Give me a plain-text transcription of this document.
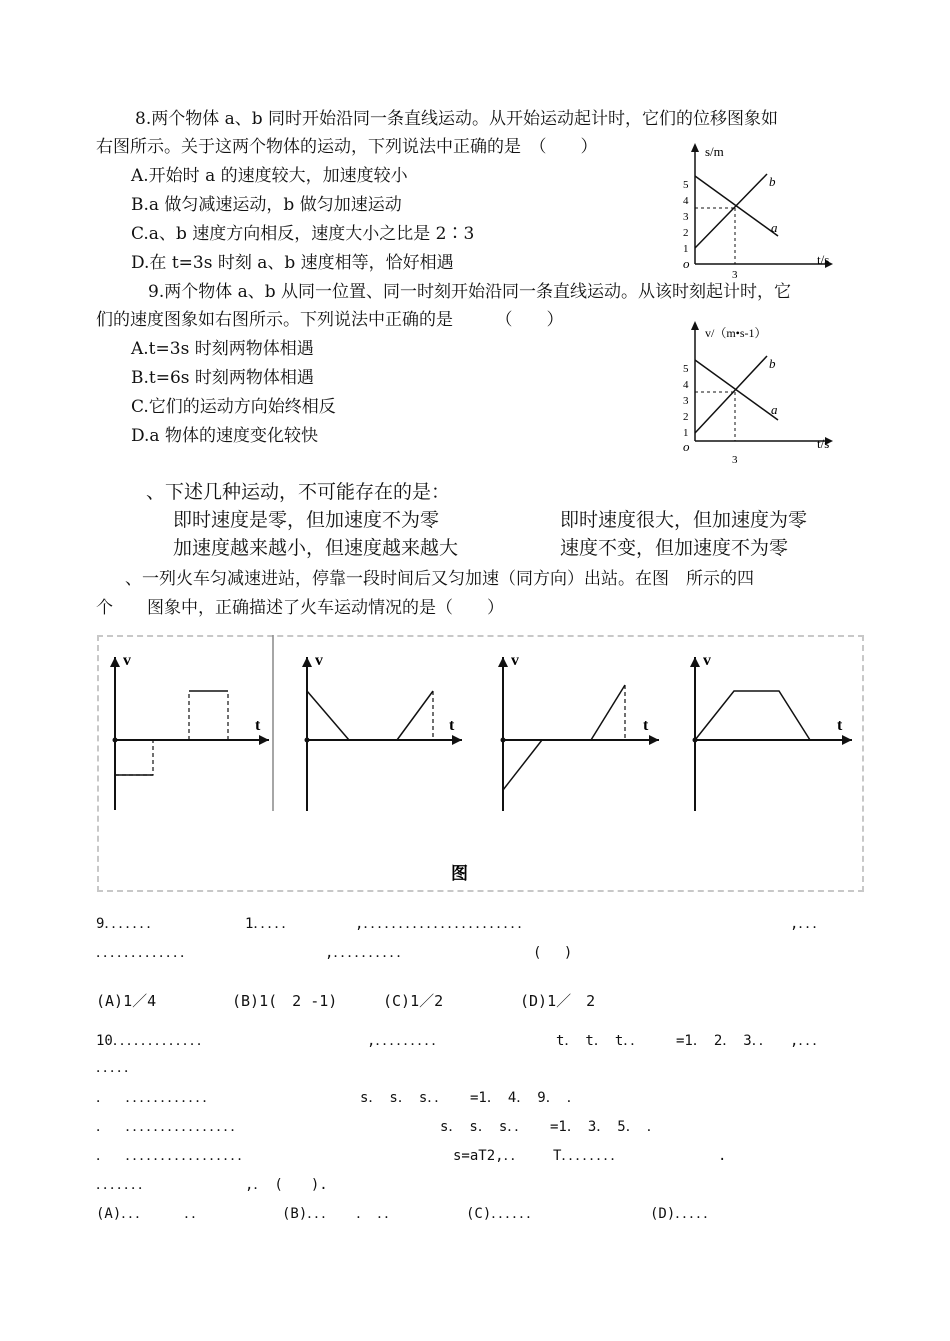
8.两个物体 a、b 同时开始沿同一条直线运动。从开始运动起计时，它们的位移图象如
右图所示。关于这两个物体的运动，下列说法中正确的是　（　　）
A.开始时 a 的速度较大，加速度较小
B.a 做匀减速运动，b 做匀加速运动
C.a、b 速度方向相反，速度大小之比是 2∶3
D.在 t=3s 时刻 a、b 速度相等，恰好相遇
s/m
t/s
o
1
2
3
4
5
3
a
b
9.两个物体 a、b 从同一位置、同一时刻开始沿同一条直线运动。从该时刻起计时，它
们的速度图象如右图所示。下列说法中正确的是　　　（　　）
A.t=3s 时刻两物体相遇
B.t=6s 时刻两物体相遇
C.它们的运动方向始终相反
D.a 物体的速度变化较快
v/（m•s-1）
t/s
o
1
2
3
4
5
3
a
b
、下述几种运动，不可能存在的是：
即时速度是零，但加速度不为零	即时速度很大，但加速度为零
加速度越来越小，但速度越来越大	速度不变，但加速度不为零
、一列火车匀减速进站，停靠一段时间后又匀加速（同方向）出站。在图　所示的四
个　　图象中，正确描述了火车运动情况的是（　　）
v
t
v
t
v
t
v
t
图
9．．．．．．．	1．．．．．	,．．．．．．．．．．．．．．．．．．．．．．．	,．．．
．．．．．．．．．．．．．	,．．．．．．．．．．	(　 )
(A)1／4	(B)1(　2 -1)	(C)1／2	(D)1／　2
10．．．．．．．．．．．．．	,．．．．．．．．．	t．　t．　t．． =1．　2．　3．． ,．．．
．．．．．
．　 ．．．．．．．．．．．．	s．　s．　s．． =1．　4．　9．　．
．　 ．．．．．．．．．．．．．．．．	s．　s．　s．． =1．　3．　5．　．
．　 ．．．．．．．．．．．．．．．．．	s=aT2,．． T．．．．．．．．	.
．．．．．．．	,．　(　　).
(A)．．．　　　．．	(B)．．．　　．　．．	(C)．．．．．．	(D)．．．．．
